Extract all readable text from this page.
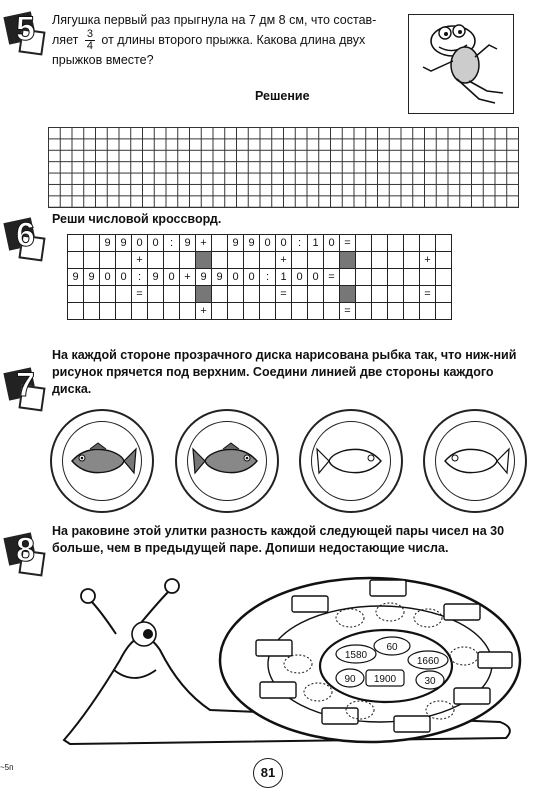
5 Лягушка первый раз прыгнула на 7 дм 8 см, что состав-
ляет $\frac{3}{4}$ от длины второго прыжка. Какова длина двух
прыжков вместе?
Решение
6 Реши числовой кроссворд.
		9	9	0	0	:	9	+		9	9	0	0	:	1	0	=						
				+									+									+	
9	9	0	0	:	9	0	+	9	9	0	0	:	1	0	0	=							
				=									=									=	
								+									=						
7
На каждой стороне прозрачного диска нарисована рыбка так, что ниж-ний рисунок прячется под верхним. Соедини линией две стороны каждого диска.
8 На раковине этой улитки разность каждой следующей пары чисел на 30 больше, чем в предыдущей паре. Допиши недостающие числа.
60
1580
1660
90 1900	30
~5п	81
